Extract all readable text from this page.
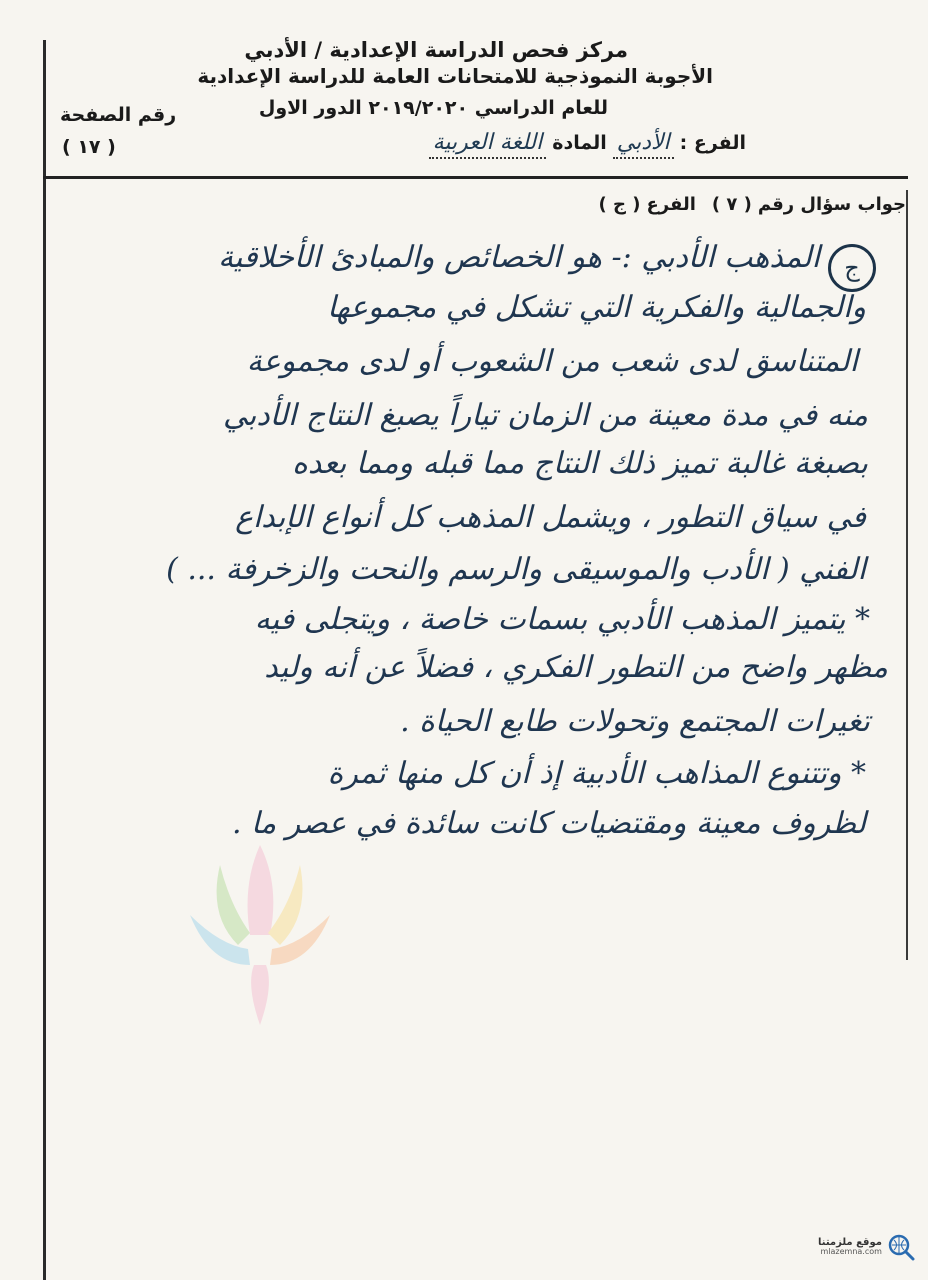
مركز فحص الدراسة الإعدادية / الأدبي
الأجوبة النموذجية للامتحانات العامة للدراسة الإعدادية
للعام الدراسي ٢٠١٩/٢٠٢٠ الدور الاول
رقم الصفحة
( ١٧ )	الفرع :
الأدبي
المادة
اللغة العربية
جواب سؤال رقم
( ٧ )
الفرع
( ج )
ج
المذهب الأدبي :- هو الخصائص والمبادئ الأخلاقية
والجمالية والفكرية التي تشكل في مجموعها
المتناسق لدى شعب من الشعوب أو لدى مجموعة
منه في مدة معينة من الزمان تياراً يصبغ النتاج الأدبي
بصبغة غالبة تميز ذلك النتاج مما قبله ومما بعده
في سياق التطور ، ويشمل المذهب كل أنواع الإبداع
الفني ( الأدب والموسيقى والرسم والنحت والزخرفة ... )
* يتميز المذهب الأدبي بسمات خاصة ، ويتجلى فيه
مظهر واضح من التطور الفكري ، فضلاً عن أنه وليد
تغيرات المجتمع وتحولات طابع الحياة .
* وتتنوع المذاهب الأدبية إذ أن كل منها ثمرة
لظروف معينة ومقتضيات كانت سائدة في عصر ما .
موقع ملزمتنا
mlazemna.com
